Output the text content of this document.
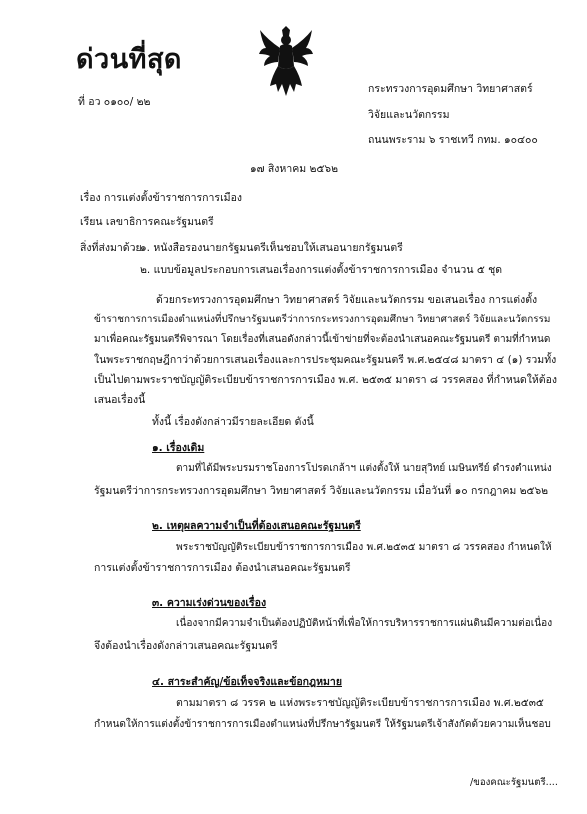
ด่วนที่สุด
ที่ อว ๐๑๐๐/ ๒๒
กระทรวงการอุดมศึกษา วิทยาศาสตร์
วิจัยและนวัตกรรม
ถนนพระราม ๖ ราชเทวี กทม. ๑๐๔๐๐
๑๗ สิงหาคม ๒๕๖๒
เรื่อง การแต่งตั้งข้าราชการการเมือง
เรียน เลขาธิการคณะรัฐมนตรี
สิ่งที่ส่งมาด้วย
๑. หนังสือรองนายกรัฐมนตรีเห็นชอบให้เสนอนายกรัฐมนตรี
๒. แบบข้อมูลประกอบการเสนอเรื่องการแต่งตั้งข้าราชการการเมือง จำนวน ๕ ชุด
ด้วยกระทรวงการอุดมศึกษา วิทยาศาสตร์ วิจัยและนวัตกรรม ขอเสนอเรื่อง การแต่งตั้ง
ข้าราชการการเมืองตำแหน่งที่ปรึกษารัฐมนตรีว่าการกระทรวงการอุดมศึกษา วิทยาศาสตร์ วิจัยและนวัตกรรม
มาเพื่อคณะรัฐมนตรีพิจารณา โดยเรื่องที่เสนอดังกล่าวนี้เข้าข่ายที่จะต้องนำเสนอคณะรัฐมนตรี ตามที่กำหนด
ในพระราชกฤษฎีกาว่าด้วยการเสนอเรื่องและการประชุมคณะรัฐมนตรี พ.ศ.๒๕๔๘ มาตรา ๔ (๑) รวมทั้ง
เป็นไปตามพระราชบัญญัติระเบียบข้าราชการการเมือง พ.ศ. ๒๕๓๕ มาตรา ๘ วรรคสอง ที่กำหนดให้ต้อง
เสนอเรื่องนี้
ทั้งนี้ เรื่องดังกล่าวมีรายละเอียด ดังนี้
๑. เรื่องเดิม
ตามที่ได้มีพระบรมราชโองการโปรดเกล้าฯ แต่งตั้งให้ นายสุวิทย์ เมษินทรีย์ ดำรงตำแหน่ง
รัฐมนตรีว่าการกระทรวงการอุดมศึกษา วิทยาศาสตร์ วิจัยและนวัตกรรม เมื่อวันที่ ๑๐ กรกฎาคม ๒๕๖๒
๒. เหตุผลความจำเป็นที่ต้องเสนอคณะรัฐมนตรี
พระราชบัญญัติระเบียบข้าราชการการเมือง พ.ศ.๒๕๓๕ มาตรา ๘ วรรคสอง กำหนดให้
การแต่งตั้งข้าราชการการเมือง ต้องนำเสนอคณะรัฐมนตรี
๓. ความเร่งด่วนของเรื่อง
เนื่องจากมีความจำเป็นต้องปฏิบัติหน้าที่เพื่อให้การบริหารราชการแผ่นดินมีความต่อเนื่อง
จึงต้องนำเรื่องดังกล่าวเสนอคณะรัฐมนตรี
๔. สาระสำคัญ/ข้อเท็จจริงและข้อกฎหมาย
ตามมาตรา ๘ วรรค ๒ แห่งพระราชบัญญัติระเบียบข้าราชการการเมือง พ.ศ.๒๕๓๕
กำหนดให้การแต่งตั้งข้าราชการการเมืองตำแหน่งที่ปรึกษารัฐมนตรี ให้รัฐมนตรีเจ้าสังกัดด้วยความเห็นชอบ
/ของคณะรัฐมนตรี....
